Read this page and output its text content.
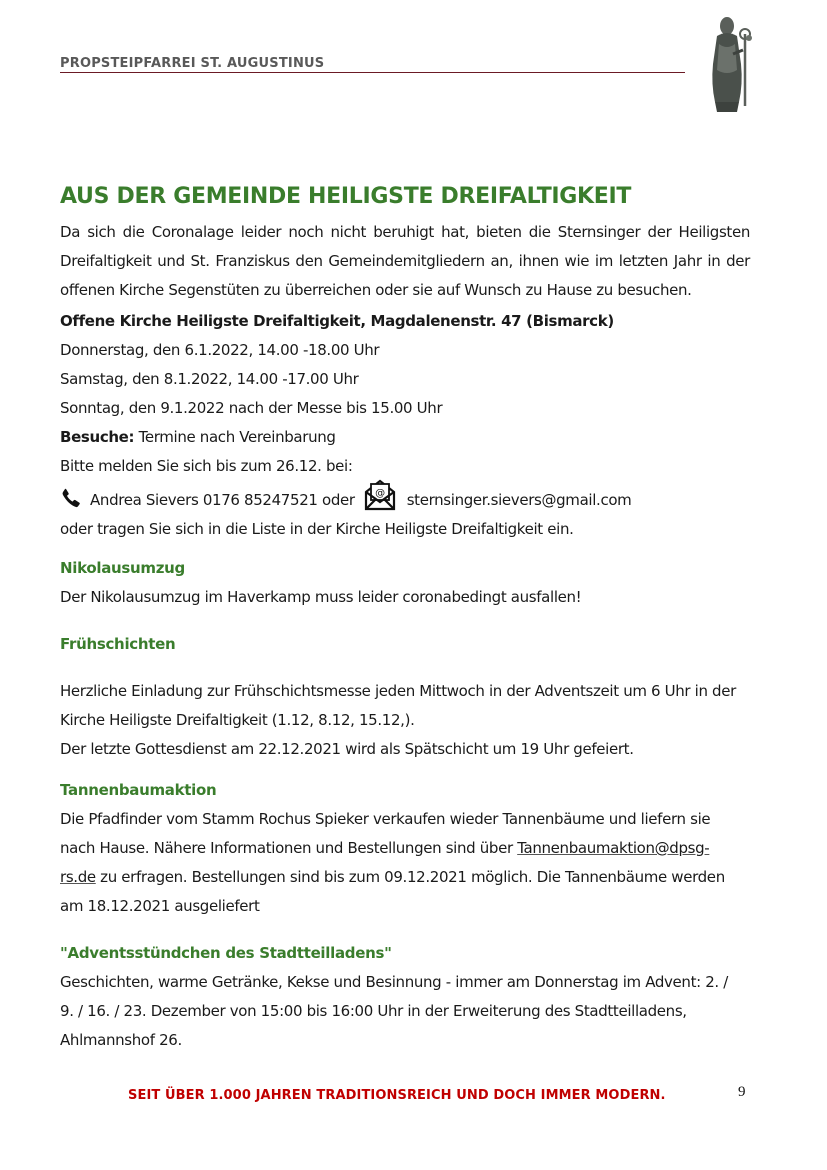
PROPSTEIPFARREI ST. AUGUSTINUS
AUS DER GEMEINDE HEILIGSTE DREIFALTIGKEIT

Da sich die Coronalage leider noch nicht beruhigt hat, bieten die Sternsinger der Heiligsten Dreifaltigkeit und St. Franziskus den Gemeindemitgliedern an, ihnen wie im letzten Jahr in der offenen Kirche Segenstüten zu überreichen oder sie auf Wunsch zu Hause zu besuchen.

Offene Kirche Heiligste Dreifaltigkeit, Magdalenenstr. 47 (Bismarck)

Donnerstag, den 6.1.2022, 14.00 -18.00 Uhr

Samstag, den 8.1.2022, 14.00 -17.00 Uhr

Sonntag, den 9.1.2022 nach der Messe bis 15.00 Uhr

Besuche: Termine nach Vereinbarung

Bitte melden Sie sich bis zum 26.12. bei:

Andrea Sievers 0176 85247521 oder @ sternsinger.sievers@gmail.com

oder tragen Sie sich in die Liste in der Kirche Heiligste Dreifaltigkeit ein.

Nikolausumzug

Der Nikolausumzug im Haverkamp muss leider coronabedingt ausfallen!

Frühschichten

Herzliche Einladung zur Frühschichtsmesse jeden Mittwoch in der Adventszeit um 6 Uhr in der Kirche Heiligste Dreifaltigkeit (1.12, 8.12, 15.12,).

Der letzte Gottesdienst am 22.12.2021 wird als Spätschicht um 19 Uhr gefeiert.

Tannenbaumaktion

Die Pfadfinder vom Stamm Rochus Spieker verkaufen wieder Tannenbäume und liefern sie nach Hause. Nähere Informationen und Bestellungen sind über Tannenbaumaktion@dpsg-rs.de zu erfragen. Bestellungen sind bis zum 09.12.2021 möglich. Die Tannenbäume werden am 18.12.2021 ausgeliefert

"Adventsstündchen des Stadtteilladens"

Geschichten, warme Getränke, Kekse und Besinnung - immer am Donnerstag im Advent: 2. / 9. / 16. / 23. Dezember von 15:00 bis 16:00 Uhr in der Erweiterung des Stadtteilladens, Ahlmannshof 26.

SEIT ÜBER 1.000 JAHREN TRADITIONSREICH UND DOCH IMMER MODERN.	9
